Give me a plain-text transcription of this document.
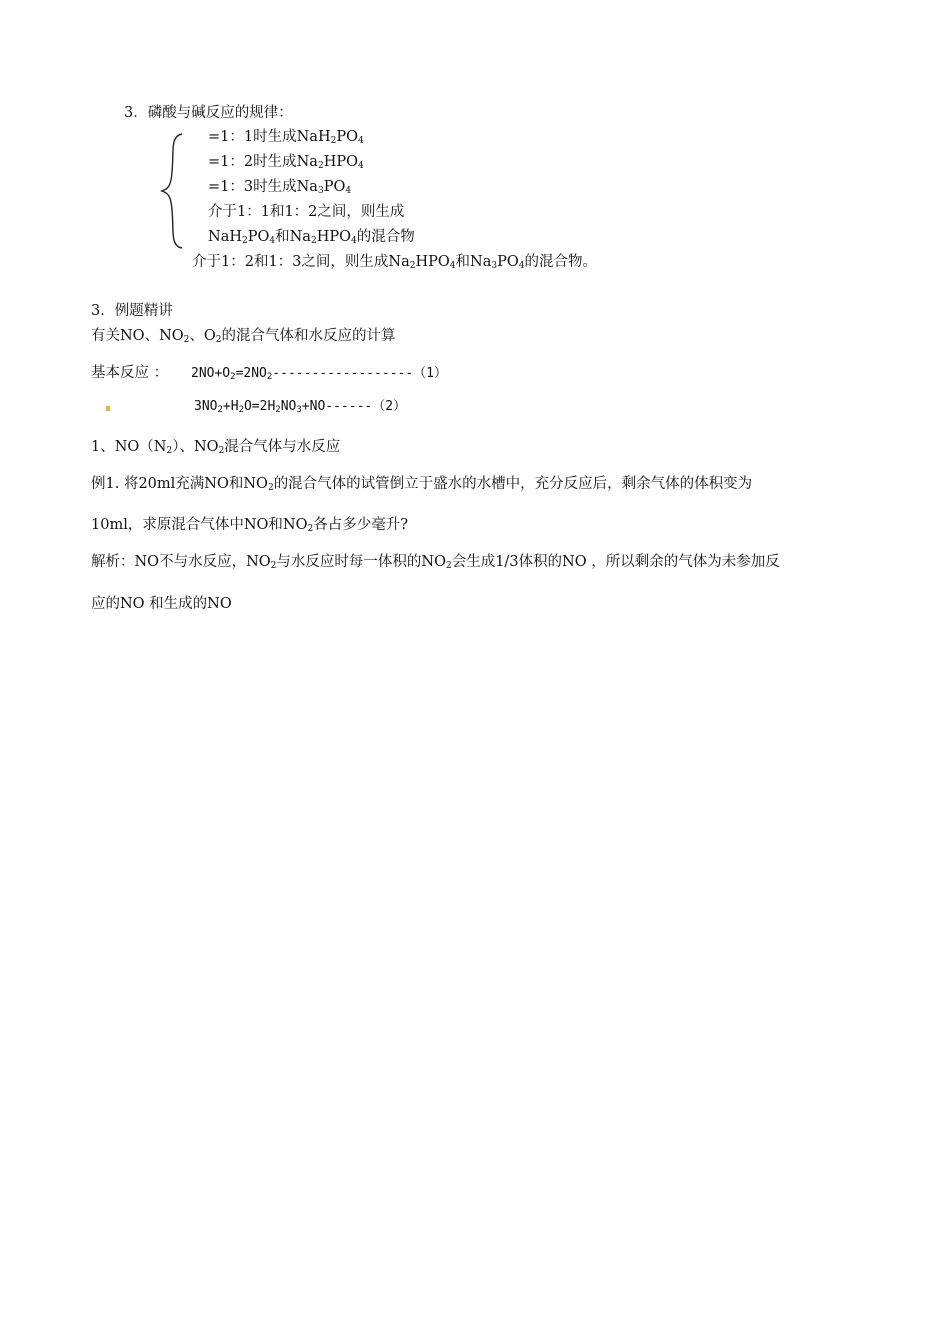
3．磷酸与碱反应的规律：
=1：1时生成$NaH_2PO_4$
=1：2时生成$Na_2HPO_4$
=1：3时生成$Na_3PO_4$
介于1：1和1：2之间，则生成
$NaH_2PO_4$和$Na_2HPO_4$的混合物
介于1：2和1：3之间，则生成$Na_2HPO_4$和$Na_3PO_4$的混合物。
3．例题精讲
有关NO、$NO_2$、$O_2$的混合气体和水反应的计算
基本反应 ： $2NO+O_2=2NO_2------------------(1)$
$3NO_2+H_2O=2H_2NO_3+NO------(2)$
1、$NO(N_2)$、$NO_2$混合气体与水反应
例1. 将20ml充满NO和$NO_2$的混合气体的试管倒立于盛水的水槽中，充分反应后，剩余气体的体积变为
10ml，求原混合气体中NO和$NO_2$各占多少毫升?
解析：NO不与水反应，$NO_2$与水反应时每一体积的$NO_2$会生成1/3体积的NO ，所以剩余的气体为未参加反
应的NO 和生成的NO
